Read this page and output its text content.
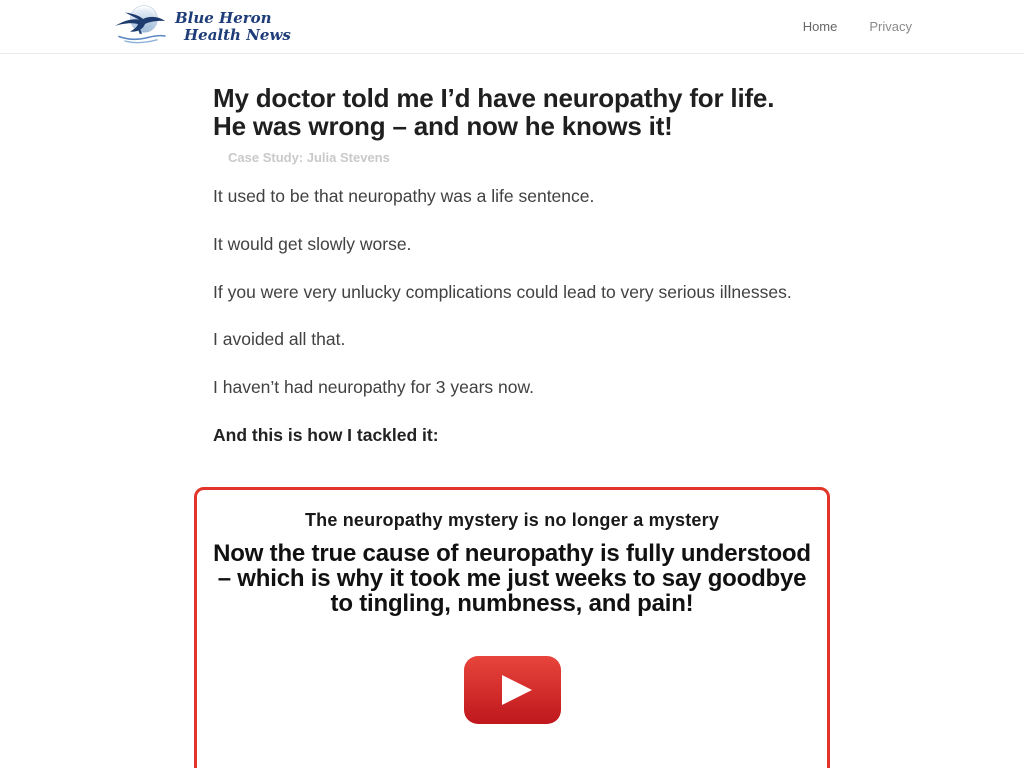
Blue Heron
Health News	Home Privacy
My doctor told me I’d have neuropathy for life. He was wrong – and now he knows it!
Case Study: Julia Stevens

It used to be that neuropathy was a life sentence.

It would get slowly worse.

If you were very unlucky complications could lead to very serious illnesses.

I avoided all that.

I haven’t had neuropathy for 3 years now.

And this is how I tackled it:

The neuropathy mystery is no longer a mystery
Now the true cause of neuropathy is fully understood – which is why it took me just weeks to say goodbye to tingling, numbness, and pain!
